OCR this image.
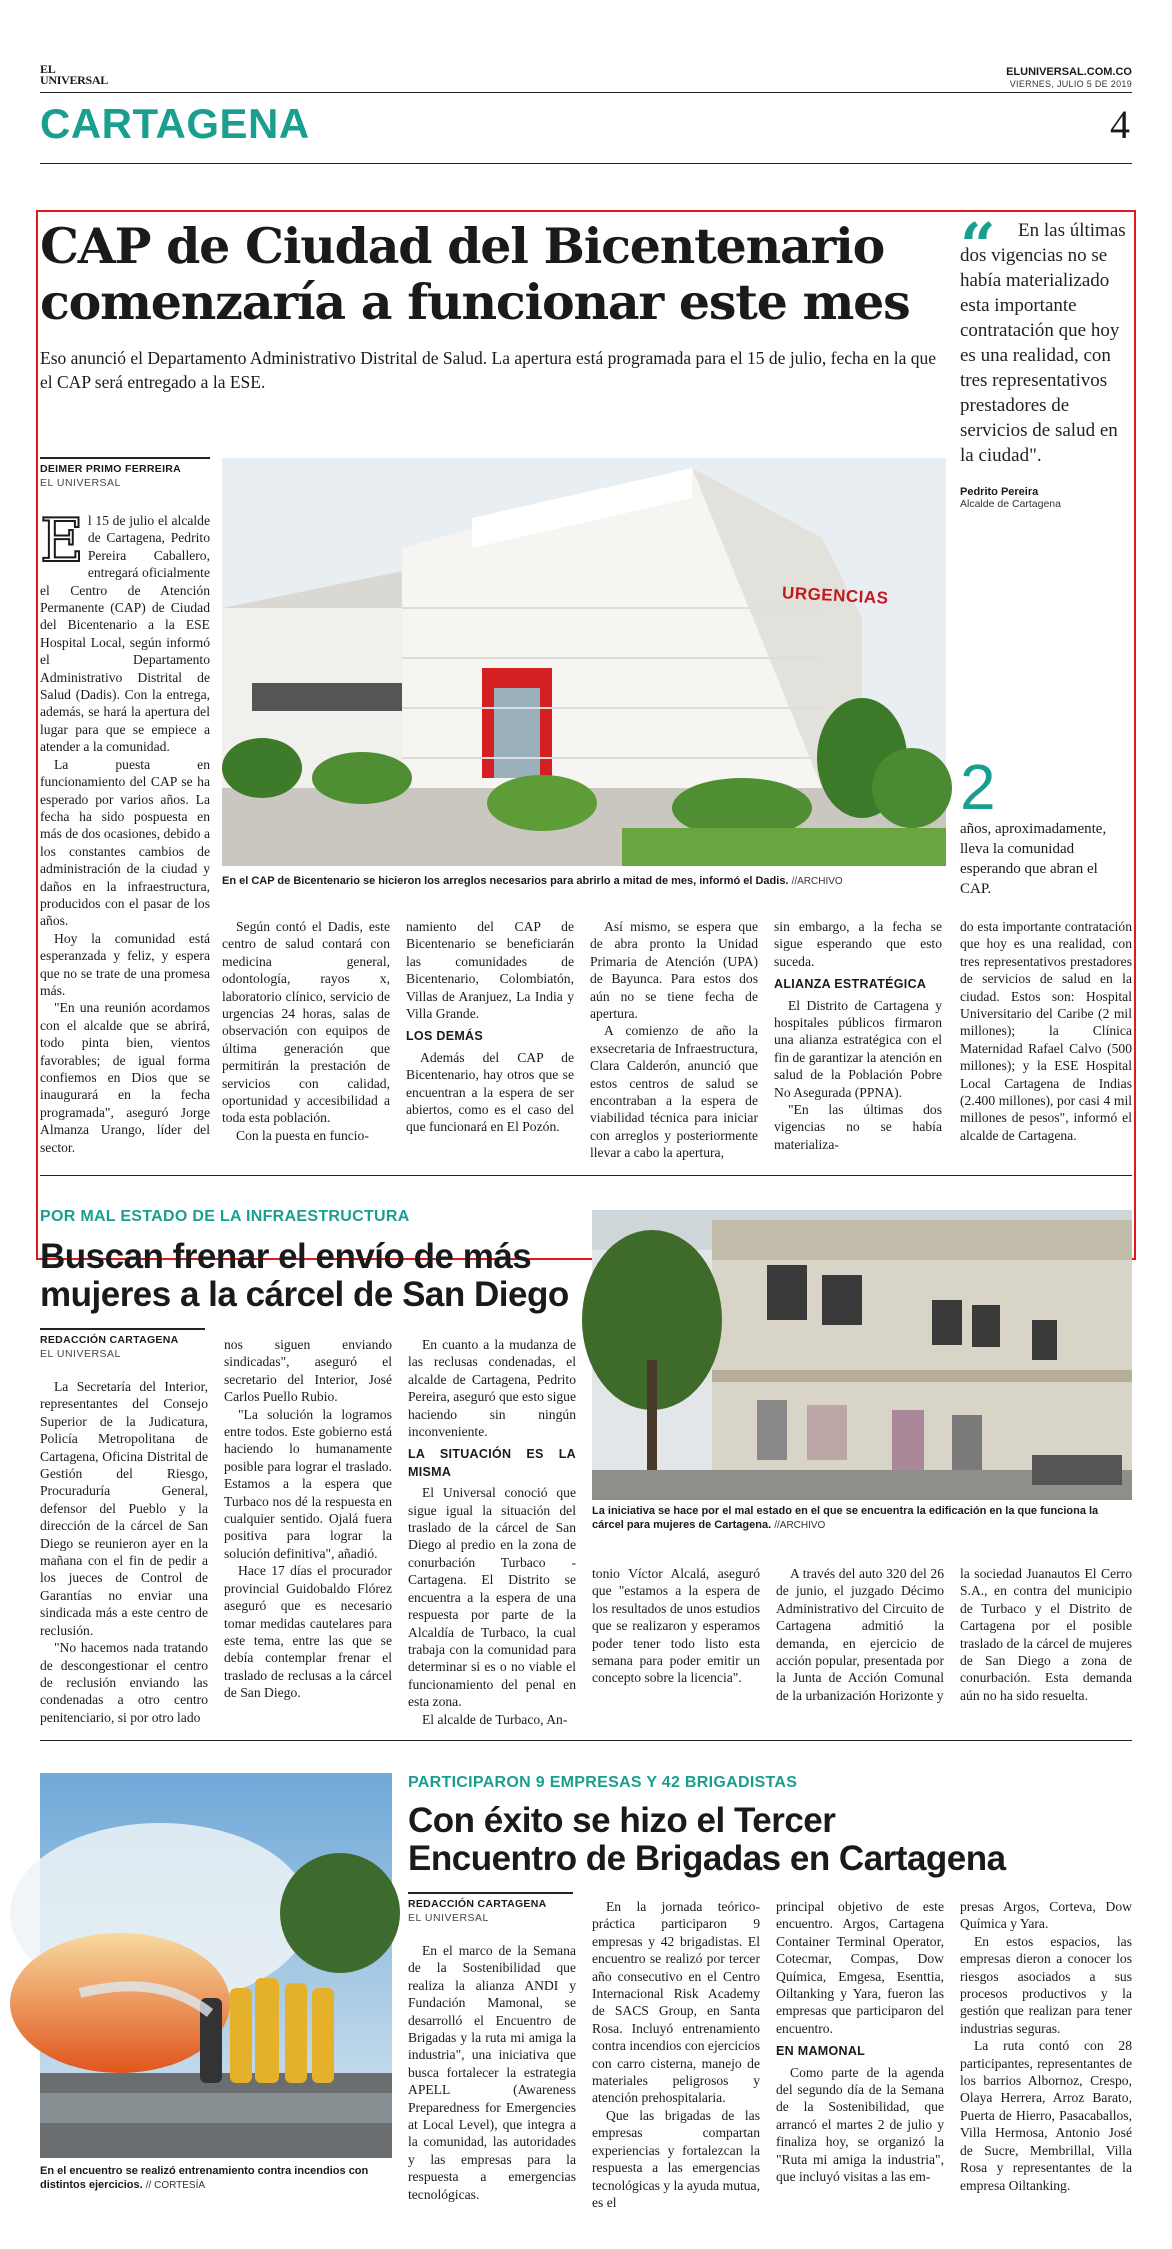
EL UNIVERSAL
ELUNIVERSAL.COM.CO
VIERNES, JULIO 5 DE 2019
CARTAGENA	4
CAP de Ciudad del Bicentenario
comenzaría a funcionar este mes
Eso anunció el Departamento Administrativo Distrital de Salud. La apertura está programada para el 15 de julio, fecha en la que el CAP será entregado a la ESE.
DEIMER PRIMO FERREIRA
EL UNIVERSAL
URGENCIAS
En el CAP de Bicentenario se hicieron los arreglos necesarios para abrirlo a mitad de mes, informó el Dadis. //ARCHIVO
E l 15 de julio el alcalde de Cartagena, Pedrito Pereira Caballero, entregará oficialmente el Centro de Atención Permanente (CAP) de Ciudad del Bicentenario a la ESE Hospital Local, según informó el Departamento Administrativo Distrital de Salud (Dadis). Con la entrega, además, se hará la apertura del lugar para que se empiece a atender a la comunidad.

La puesta en funcionamiento del CAP se ha esperado por varios años. La fecha ha sido pospuesta en más de dos ocasiones, debido a los constantes cambios de administración de la ciudad y daños en la infraestructura, producidos con el pasar de los años.

Hoy la comunidad está esperanzada y feliz, y espera que no se trate de una promesa más.

"En una reunión acordamos con el alcalde que se abrirá, todo pinta bien, vientos favorables; de igual forma confiemos en Dios que se inaugurará en la fecha programada", aseguró Jorge Almanza Urango, líder del sector.

Según contó el Dadis, este centro de salud contará con medicina general, odontología, rayos x, laboratorio clínico, servicio de urgencias 24 horas, salas de observación con equipos de última generación que permitirán la prestación de servicios con calidad, oportunidad y accesibilidad a toda esta población.

Con la puesta en funcio-

namiento del CAP de Bicentenario se beneficiarán las comunidades de Bicentenario, Colombiatón, Villas de Aranjuez, La India y Villa Grande.

LOS DEMÁS

Además del CAP de Bicentenario, hay otros que se encuentran a la espera de ser abiertos, como es el caso del que funcionará en El Pozón.

Así mismo, se espera que de abra pronto la Unidad Primaria de Atención (UPA) de Bayunca. Para estos dos aún no se tiene fecha de apertura.

A comienzo de año la exsecretaria de Infraestructura, Clara Calderón, anunció que estos centros de salud se encontraban a la espera de viabilidad técnica para iniciar con arreglos y posteriormente llevar a cabo la apertura,

sin embargo, a la fecha se sigue esperando que esto suceda.

ALIANZA ESTRATÉGICA

El Distrito de Cartagena y hospitales públicos firmaron una alianza estratégica con el fin de garantizar la atención en salud de la Población Pobre No Asegurada (PPNA).

"En las últimas dos vigencias no se había materializa-

do esta importante contratación que hoy es una realidad, con tres representativos prestadores de servicios de salud en la ciudad. Estos son: Hospital Universitario del Caribe (2 mil millones); la Clínica Maternidad Rafael Calvo (500 millones); y la ESE Hospital Local Cartagena de Indias (2.400 millones), por casi 4 mil millones de pesos", informó el alcalde de Cartagena.

“	En las últimas dos vigencias no se había materializado esta importante contratación que hoy es una realidad, con tres representativos prestadores de servicios de salud en la ciudad".
Pedrito Pereira
Alcalde de Cartagena
2
años, aproximadamente, lleva la comunidad esperando que abran el CAP.
POR MAL ESTADO DE LA INFRAESTRUCTURA
Buscan frenar el envío de más
mujeres a la cárcel de San Diego
REDACCIÓN CARTAGENA
EL UNIVERSAL
La iniciativa se hace por el mal estado en el que se encuentra la edificación en la que funciona la cárcel para mujeres de Cartagena. //ARCHIVO

La Secretaría del Interior, representantes del Consejo Superior de la Judicatura, Policía Metropolitana de Cartagena, Oficina Distrital de Gestión del Riesgo, Procuraduría General, defensor del Pueblo y la dirección de la cárcel de San Diego se reunieron ayer en la mañana con el fin de pedir a los jueces de Control de Garantías no enviar una sindicada más a este centro de reclusión.

"No hacemos nada tratando de descongestionar el centro de reclusión enviando las condenadas a otro centro penitenciario, si por otro lado

nos siguen enviando sindicadas", aseguró el secretario del Interior, José Carlos Puello Rubio.

"La solución la logramos entre todos. Este gobierno está haciendo lo humanamente posible para lograr el traslado. Estamos a la espera que Turbaco nos dé la respuesta en cualquier sentido. Ojalá fuera positiva para lograr la solución definitiva", añadió.

Hace 17 días el procurador provincial Guidobaldo Flórez aseguró que es necesario tomar medidas cautelares para este tema, entre las que se debía contemplar frenar el traslado de reclusas a la cárcel de San Diego.

En cuanto a la mudanza de las reclusas condenadas, el alcalde de Cartagena, Pedrito Pereira, aseguró que esto sigue haciendo sin ningún inconveniente.

LA SITUACIÓN ES LA MISMA

El Universal conoció que sigue igual la situación del traslado de la cárcel de San Diego al predio en la zona de conurbación Turbaco - Cartagena. El Distrito se encuentra a la espera de una respuesta por parte de la Alcaldía de Turbaco, la cual trabaja con la comunidad para determinar si es o no viable el funcionamiento del penal en esta zona.

El alcalde de Turbaco, An-

tonio Víctor Alcalá, aseguró que "estamos a la espera de los resultados de unos estudios que se realizaron y esperamos poder tener todo listo esta semana para poder emitir un concepto sobre la licencia".

A través del auto 320 del 26 de junio, el juzgado Décimo Administrativo del Circuito de Cartagena admitió la demanda, en ejercicio de acción popular, presentada por la Junta de Acción Comunal de la urbanización Horizonte y

la sociedad Juanautos El Cerro S.A., en contra del municipio de Turbaco y el Distrito de Cartagena por el posible traslado de la cárcel de mujeres de San Diego a zona de conurbación. Esta demanda aún no ha sido resuelta.

En el encuentro se realizó entrenamiento contra incendios con distintos ejercicios. // CORTESÍA
PARTICIPARON 9 EMPRESAS Y 42 BRIGADISTAS
Con éxito se hizo el Tercer
Encuentro de Brigadas en Cartagena
REDACCIÓN CARTAGENA
EL UNIVERSAL

En el marco de la Semana de la Sostenibilidad que realiza la alianza ANDI y Fundación Mamonal, se desarrolló el Encuentro de Brigadas y la ruta mi amiga la industria", una iniciativa que busca fortalecer la estrategia APELL (Awareness Preparedness for Emergencies at Local Level), que integra a la comunidad, las autoridades y las empresas para la respuesta a emergencias tecnológicas.

En la jornada teórico-práctica participaron 9 empresas y 42 brigadistas. El encuentro se realizó por tercer año consecutivo en el Centro Internacional Risk Academy de SACS Group, en Santa Rosa. Incluyó entrenamiento contra incendios con ejercicios con carro cisterna, manejo de materiales peligrosos y atención prehospitalaria.

Que las brigadas de las empresas compartan experiencias y fortalezcan la respuesta a las emergencias tecnológicas y la ayuda mutua, es el

principal objetivo de este encuentro. Argos, Cartagena Container Terminal Operator, Cotecmar, Compas, Dow Química, Emgesa, Esenttia, Oiltanking y Yara, fueron las empresas que participaron del encuentro.

EN MAMONAL

Como parte de la agenda del segundo día de la Semana de la Sostenibilidad, que arrancó el martes 2 de julio y finaliza hoy, se organizó la "Ruta mi amiga la industria", que incluyó visitas a las em-

presas Argos, Corteva, Dow Química y Yara.

En estos espacios, las empresas dieron a conocer los riesgos asociados a sus procesos productivos y la gestión que realizan para tener industrias seguras.

La ruta contó con 28 participantes, representantes de los barrios Albornoz, Crespo, Olaya Herrera, Arroz Barato, Puerta de Hierro, Pasacaballos, Villa Hermosa, Antonio José de Sucre, Membrillal, Villa Rosa y representantes de la empresa Oiltanking.
